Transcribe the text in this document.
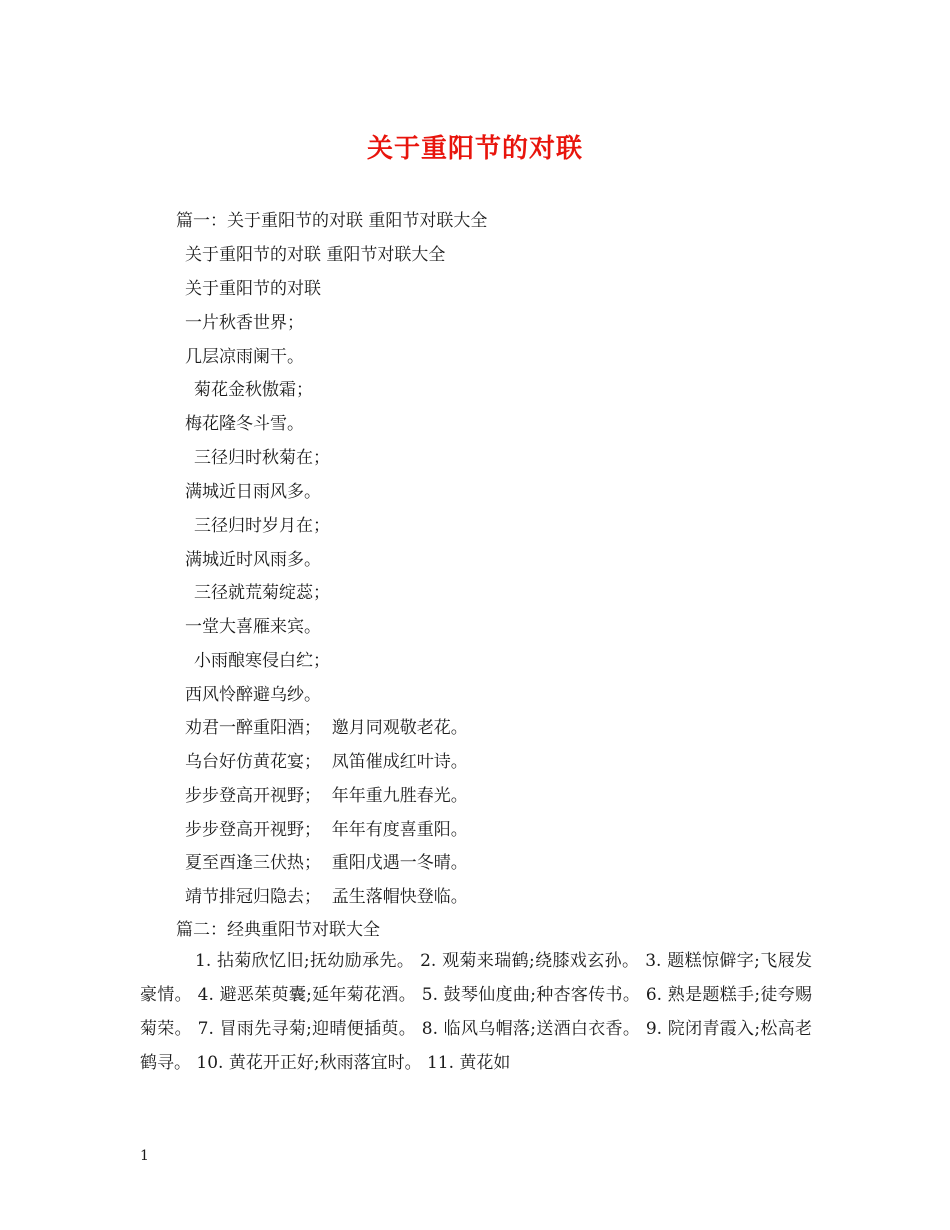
关于重阳节的对联
篇一：关于重阳节的对联 重阳节对联大全
关于重阳节的对联 重阳节对联大全
关于重阳节的对联
一片秋香世界；
几层凉雨阑干。
菊花金秋傲霜；
梅花隆冬斗雪。
三径归时秋菊在；
满城近日雨风多。
三径归时岁月在；
满城近时风雨多。
三径就荒菊绽蕊；
一堂大喜雁来宾。
小雨酿寒侵白纻；
西风怜醉避乌纱。
劝君一醉重阳酒；  邀月同观敬老花。
乌台好仿黄花宴；  凤笛催成红叶诗。
步步登高开视野；  年年重九胜春光。
步步登高开视野；  年年有度喜重阳。
夏至酉逢三伏热；  重阳戊遇一冬晴。
靖节排冠归隐去；  孟生落帽快登临。
篇二：经典重阳节对联大全
1. 拈菊欣忆旧;抚幼励承先。 2. 观菊来瑞鹤;绕膝戏玄孙。 3. 题糕惊僻字;飞屐发豪情。 4. 避恶茱萸囊;延年菊花酒。 5. 鼓琴仙度曲;种杏客传书。 6. 熟是题糕手;徒夸赐菊荣。 7. 冒雨先寻菊;迎晴便插萸。 8. 临风乌帽落;送酒白衣香。 9. 院闭青霞入;松高老鹤寻。 10. 黄花开正好;秋雨落宜时。 11. 黄花如
1
